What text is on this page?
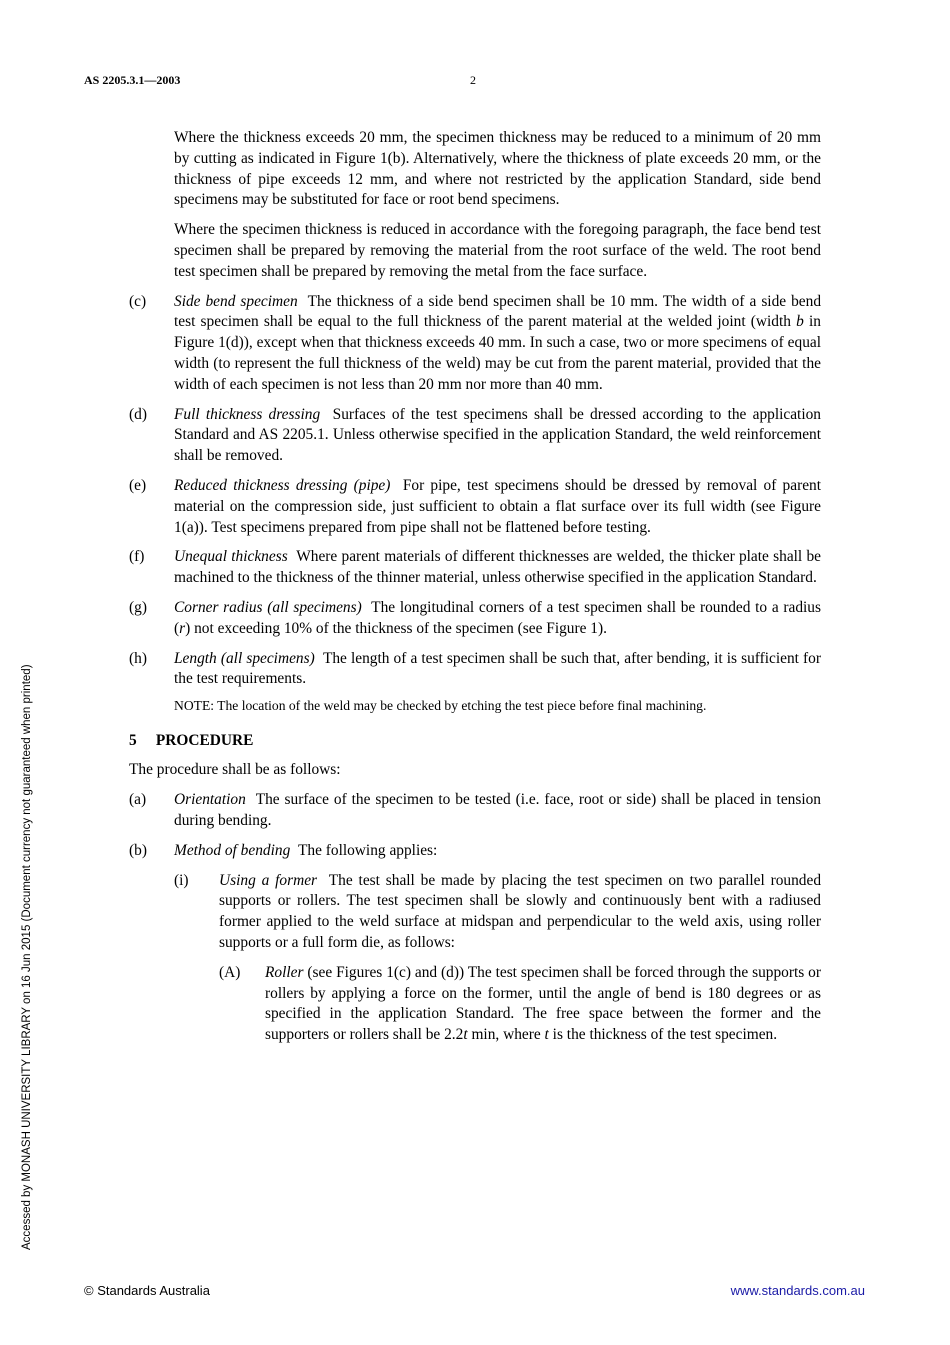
AS 2205.3.1—2003	2
Accessed by MONASH UNIVERSITY LIBRARY on 16 Jun 2015 (Document currency not guaranteed when printed)

Where the thickness exceeds 20 mm, the specimen thickness may be reduced to a minimum of 20 mm by cutting as indicated in Figure 1(b). Alternatively, where the thickness of plate exceeds 20 mm, or the thickness of pipe exceeds 12 mm, and where not restricted by the application Standard, side bend specimens may be substituted for face or root bend specimens.

Where the specimen thickness is reduced in accordance with the foregoing paragraph, the face bend test specimen shall be prepared by removing the material from the root surface of the weld. The root bend test specimen shall be prepared by removing the metal from the face surface.

(c) Side bend specimen The thickness of a side bend specimen shall be 10 mm. The width of a side bend test specimen shall be equal to the full thickness of the parent material at the welded joint (width b in Figure 1(d)), except when that thickness exceeds 40 mm. In such a case, two or more specimens of equal width (to represent the full thickness of the weld) may be cut from the parent material, provided that the width of each specimen is not less than 20 mm nor more than 40 mm.
(d) Full thickness dressing Surfaces of the test specimens shall be dressed according to the application Standard and AS 2205.1. Unless otherwise specified in the application Standard, the weld reinforcement shall be removed.
(e) Reduced thickness dressing (pipe) For pipe, test specimens should be dressed by removal of parent material on the compression side, just sufficient to obtain a flat surface over its full width (see Figure 1(a)). Test specimens prepared from pipe shall not be flattened before testing.
(f) Unequal thickness Where parent materials of different thicknesses are welded, the thicker plate shall be machined to the thickness of the thinner material, unless otherwise specified in the application Standard.
(g) Corner radius (all specimens) The longitudinal corners of a test specimen shall be rounded to a radius (r) not exceeding 10% of the thickness of the specimen (see Figure 1).
(h) Length (all specimens) The length of a test specimen shall be such that, after bending, it is sufficient for the test requirements.
NOTE: The location of the weld may be checked by etching the test piece before final machining.
5 PROCEDURE

The procedure shall be as follows:

(a) Orientation The surface of the specimen to be tested (i.e. face, root or side) shall be placed in tension during bending.
(b) Method of bending The following applies:
(i) Using a former The test shall be made by placing the test specimen on two parallel rounded supports or rollers. The test specimen shall be slowly and continuously bent with a radiused former applied to the weld surface at midspan and perpendicular to the weld axis, using roller supports or a full form die, as follows:
(A) Roller (see Figures 1(c) and (d)) The test specimen shall be forced through the supports or rollers by applying a force on the former, until the angle of bend is 180 degrees or as specified in the application Standard. The free space between the former and the supporters or rollers shall be 2.2t min, where t is the thickness of the test specimen.
© Standards Australia	www.standards.com.au
